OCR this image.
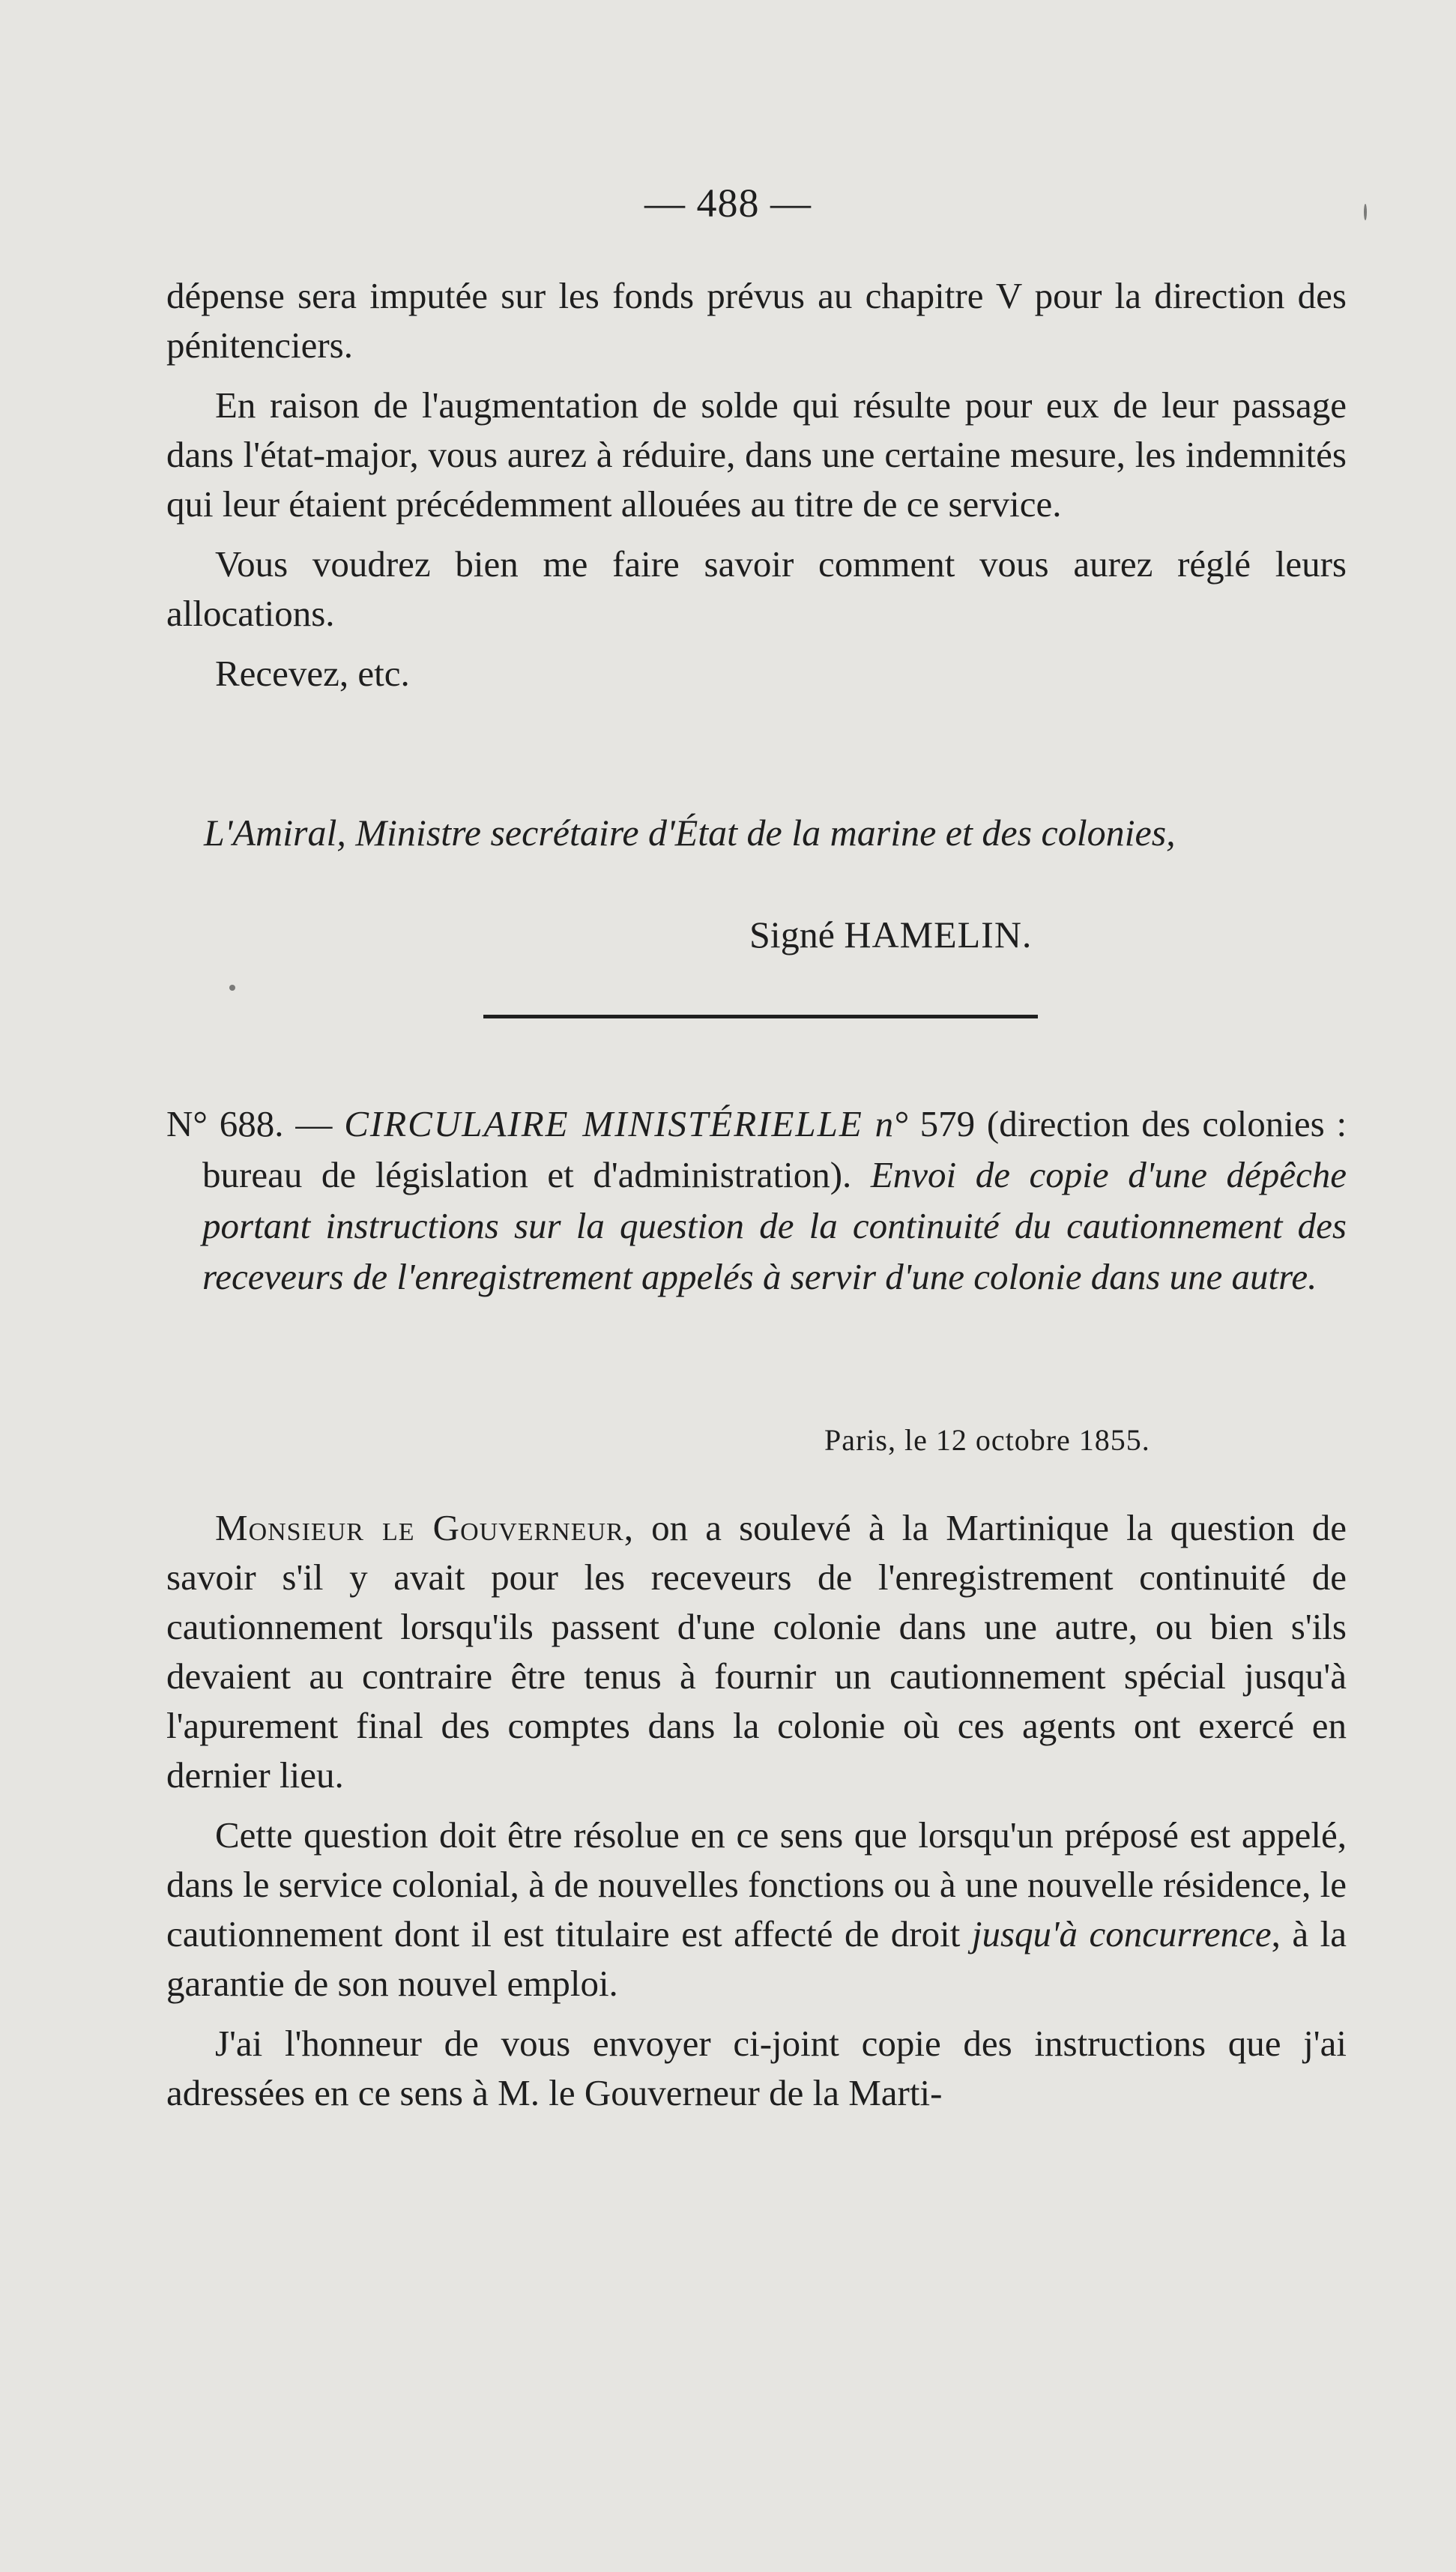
— 488 —

dépense sera imputée sur les fonds prévus au chapitre V pour la direction des pénitenciers.

En raison de l'augmentation de solde qui résulte pour eux de leur passage dans l'état-major, vous aurez à réduire, dans une certaine mesure, les indemnités qui leur étaient précédemment allouées au titre de ce service.

Vous voudrez bien me faire savoir comment vous aurez réglé leurs allocations.

Recevez, etc.

L'Amiral, Ministre secrétaire d'État de la marine et des colonies,
Signé HAMELIN.
N° 688. — CIRCULAIRE MINISTÉRIELLE n° 579 (direction des colonies : bureau de législation et d'administration). Envoi de copie d'une dépêche portant instructions sur la question de la continuité du cautionnement des receveurs de l'enregistrement appelés à servir d'une colonie dans une autre.
Paris, le 12 octobre 1855.

Monsieur le Gouverneur, on a soulevé à la Martinique la question de savoir s'il y avait pour les receveurs de l'enregistrement continuité de cautionnement lorsqu'ils passent d'une colonie dans une autre, ou bien s'ils devaient au contraire être tenus à fournir un cautionnement spécial jusqu'à l'apurement final des comptes dans la colonie où ces agents ont exercé en dernier lieu.

Cette question doit être résolue en ce sens que lorsqu'un préposé est appelé, dans le service colonial, à de nouvelles fonctions ou à une nouvelle résidence, le cautionnement dont il est titulaire est affecté de droit jusqu'à concurrence, à la garantie de son nouvel emploi.

J'ai l'honneur de vous envoyer ci-joint copie des instructions que j'ai adressées en ce sens à M. le Gouverneur de la Marti-
